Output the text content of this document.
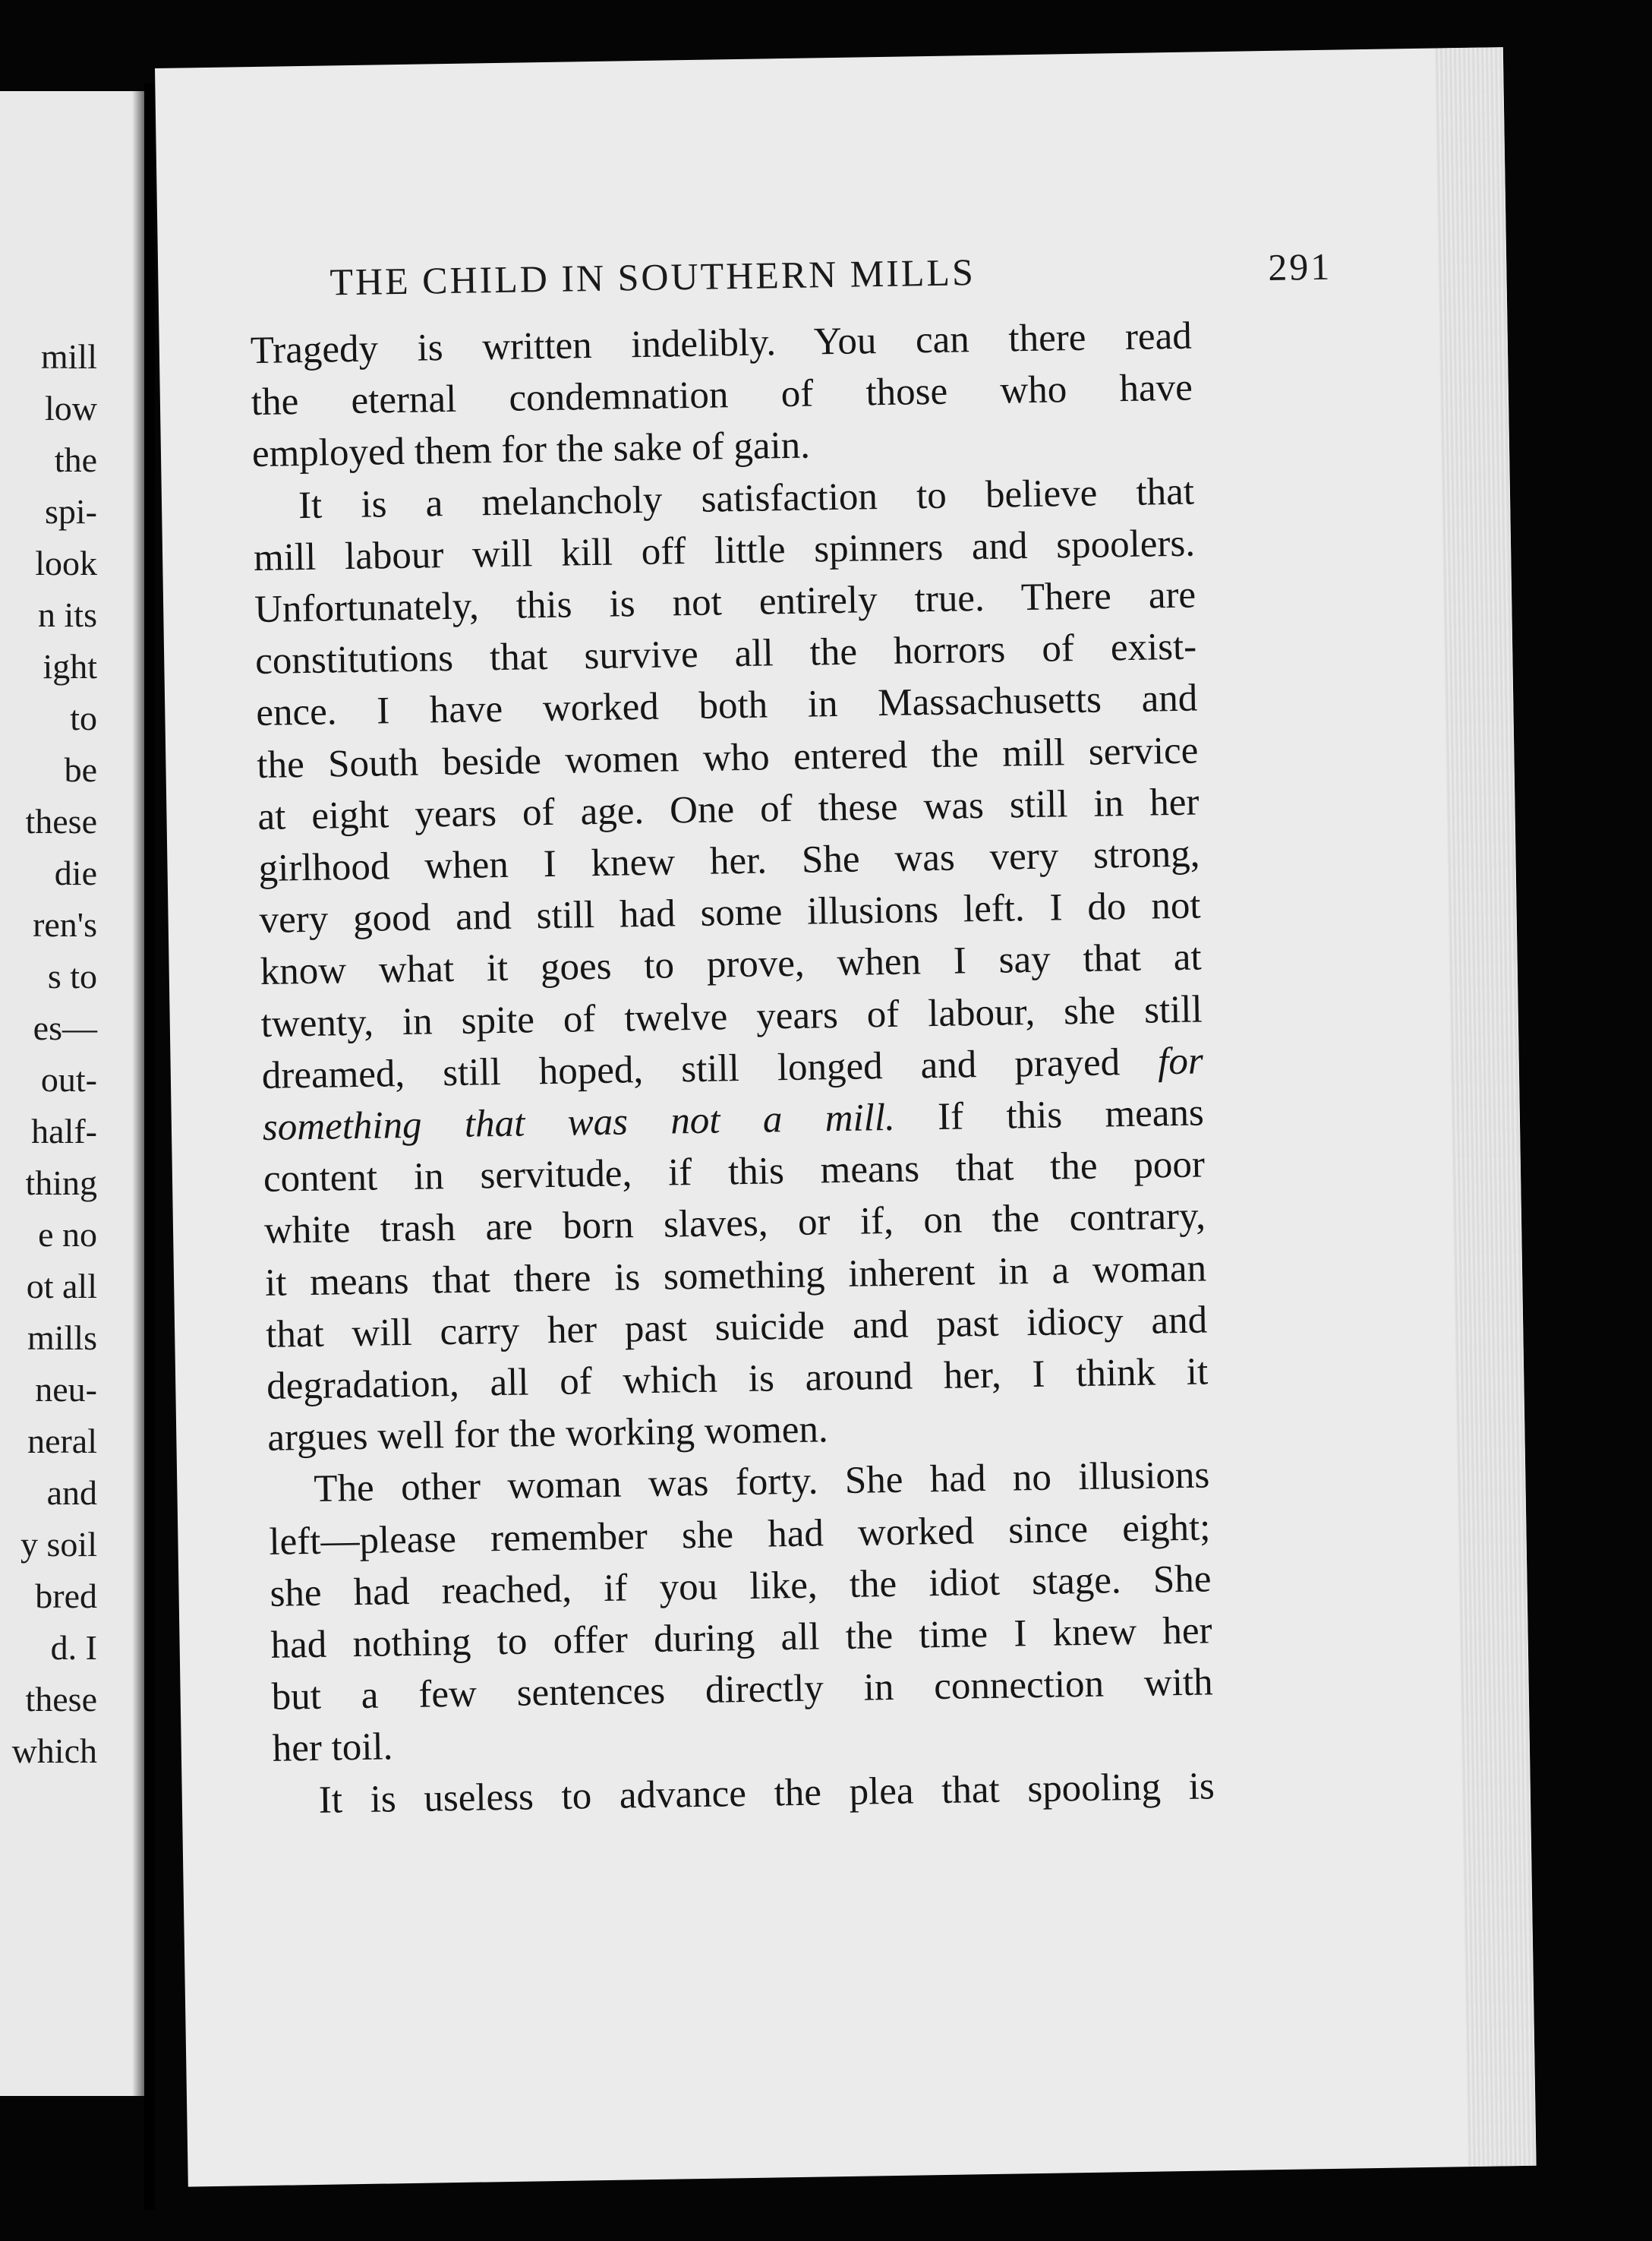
mill
low
the
spi-
look
n its
ight
to
be
these
die
ren's
s to
es—
out-
half-
thing
e no
ot all
mills
neu-
neral
and
y soil
bred
d. I
these
which
THE CHILD IN SOUTHERN MILLS	291
Tragedy is written indelibly. You can there read
the eternal condemnation of those who have
employed them for the sake of gain.
It is a melancholy satisfaction to believe that
mill labour will kill off little spinners and spoolers.
Unfortunately, this is not entirely true. There are
constitutions that survive all the horrors of exist-
ence. I have worked both in Massachusetts and
the South beside women who entered the mill service
at eight years of age. One of these was still in her
girlhood when I knew her. She was very strong,
very good and still had some illusions left. I do not
know what it goes to prove, when I say that at
twenty, in spite of twelve years of labour, she still
dreamed, still hoped, still longed and prayed for
something that was not a mill. If this means
content in servitude, if this means that the poor
white trash are born slaves, or if, on the contrary,
it means that there is something inherent in a woman
that will carry her past suicide and past idiocy and
degradation, all of which is around her, I think it
argues well for the working women.
The other woman was forty. She had no illusions
left—please remember she had worked since eight;
she had reached, if you like, the idiot stage. She
had nothing to offer during all the time I knew her
but a few sentences directly in connection with
her toil.
It is useless to advance the plea that spooling is
